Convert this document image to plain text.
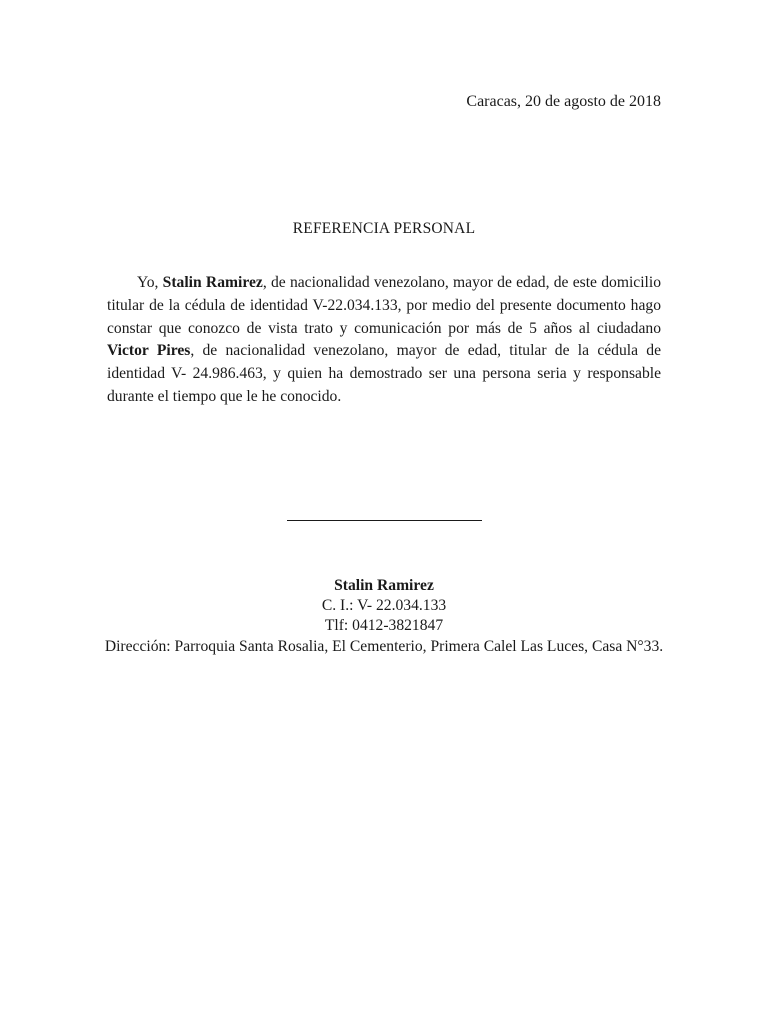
Caracas, 20 de agosto de 2018
REFERENCIA PERSONAL

Yo, Stalin Ramirez, de nacionalidad venezolano, mayor de edad, de este domicilio titular de la cédula de identidad V-22.034.133, por medio del presente documento hago constar que conozco de vista trato y comunicación por más de 5 años al ciudadano Victor Pires, de nacionalidad venezolano, mayor de edad, titular de la cédula de identidad V- 24.986.463, y quien ha demostrado ser una persona seria y responsable durante el tiempo que le he conocido.

Stalin Ramirez
C. I.: V- 22.034.133
Tlf: 0412-3821847
Dirección: Parroquia Santa Rosalia, El Cementerio, Primera Calel Las Luces, Casa N°33.
